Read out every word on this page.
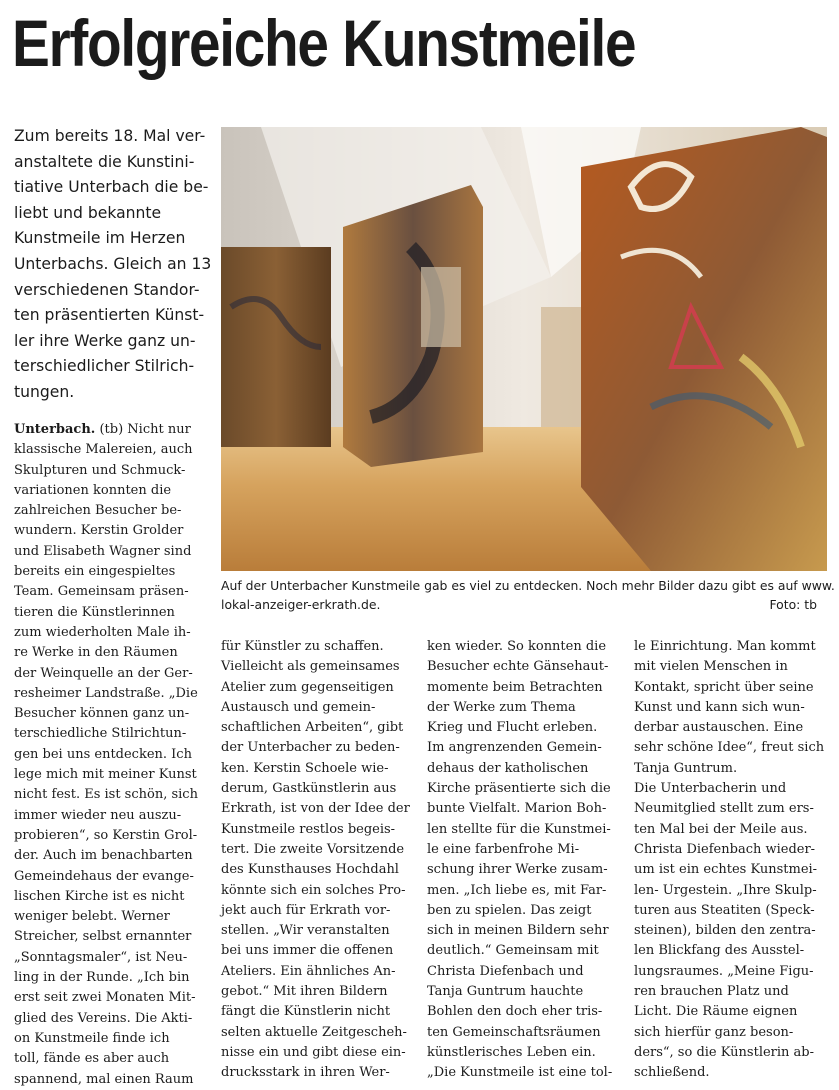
Erfolgreiche Kunstmeile
Zum bereits 18. Mal ver-
anstaltete die Kunstini-
tiative Unterbach die be-
liebt und bekannte
Kunstmeile im Herzen
Unterbachs. Gleich an 13
verschiedenen Standor-
ten präsentierten Künst-
ler ihre Werke ganz un-
terschiedlicher Stilrich-
tungen.
Auf der Unterbacher Kunstmeile gab es viel zu entdecken. Noch mehr Bilder dazu gibt es auf www.
lokal-anzeiger-erkrath.de.	Foto: tb
Unterbach. (tb) Nicht nur
klassische Malereien, auch
Skulpturen und Schmuck-
variationen konnten die
zahlreichen Besucher be-
wundern. Kerstin Grolder
und Elisabeth Wagner sind
bereits ein eingespieltes
Team. Gemeinsam präsen-
tieren die Künstlerinnen
zum wiederholten Male ih-
re Werke in den Räumen
der Weinquelle an der Ger-
resheimer Landstraße. „Die
Besucher können ganz un-
terschiedliche Stilrichtun-
gen bei uns entdecken. Ich
lege mich mit meiner Kunst
nicht fest. Es ist schön, sich
immer wieder neu auszu-
probieren“, so Kerstin Grol-
der. Auch im benachbarten
Gemeindehaus der evange-
lischen Kirche ist es nicht
weniger belebt. Werner
Streicher, selbst ernannter
„Sonntagsmaler“, ist Neu-
ling in der Runde. „Ich bin
erst seit zwei Monaten Mit-
glied des Vereins. Die Akti-
on Kunstmeile finde ich
toll, fände es aber auch
spannend, mal einen Raum
für Künstler zu schaffen.
Vielleicht als gemeinsames
Atelier zum gegenseitigen
Austausch und gemein-
schaftlichen Arbeiten“, gibt
der Unterbacher zu beden-
ken. Kerstin Schoele wie-
derum, Gastkünstlerin aus
Erkrath, ist von der Idee der
Kunstmeile restlos begeis-
tert. Die zweite Vorsitzende
des Kunsthauses Hochdahl
könnte sich ein solches Pro-
jekt auch für Erkrath vor-
stellen. „Wir veranstalten
bei uns immer die offenen
Ateliers. Ein ähnliches An-
gebot.“ Mit ihren Bildern
fängt die Künstlerin nicht
selten aktuelle Zeitgescheh-
nisse ein und gibt diese ein-
drucksstark in ihren Wer-
ken wieder. So konnten die
Besucher echte Gänsehaut-
momente beim Betrachten
der Werke zum Thema
Krieg und Flucht erleben.
Im angrenzenden Gemein-
dehaus der katholischen
Kirche präsentierte sich die
bunte Vielfalt. Marion Boh-
len stellte für die Kunstmei-
le eine farbenfrohe Mi-
schung ihrer Werke zusam-
men. „Ich liebe es, mit Far-
ben zu spielen. Das zeigt
sich in meinen Bildern sehr
deutlich.“ Gemeinsam mit
Christa Diefenbach und
Tanja Guntrum hauchte
Bohlen den doch eher tris-
ten Gemeinschaftsräumen
künstlerisches Leben ein.
„Die Kunstmeile ist eine tol-
le Einrichtung. Man kommt
mit vielen Menschen in
Kontakt, spricht über seine
Kunst und kann sich wun-
derbar austauschen. Eine
sehr schöne Idee“, freut sich
Tanja Guntrum.
Die Unterbacherin und
Neumitglied stellt zum ers-
ten Mal bei der Meile aus.
Christa Diefenbach wieder-
um ist ein echtes Kunstmei-
len- Urgestein. „Ihre Skulp-
turen aus Steatiten (Speck-
steinen), bilden den zentra-
len Blickfang des Ausstel-
lungsraumes. „Meine Figu-
ren brauchen Platz und
Licht. Die Räume eignen
sich hierfür ganz beson-
ders“, so die Künstlerin ab-
schließend.
